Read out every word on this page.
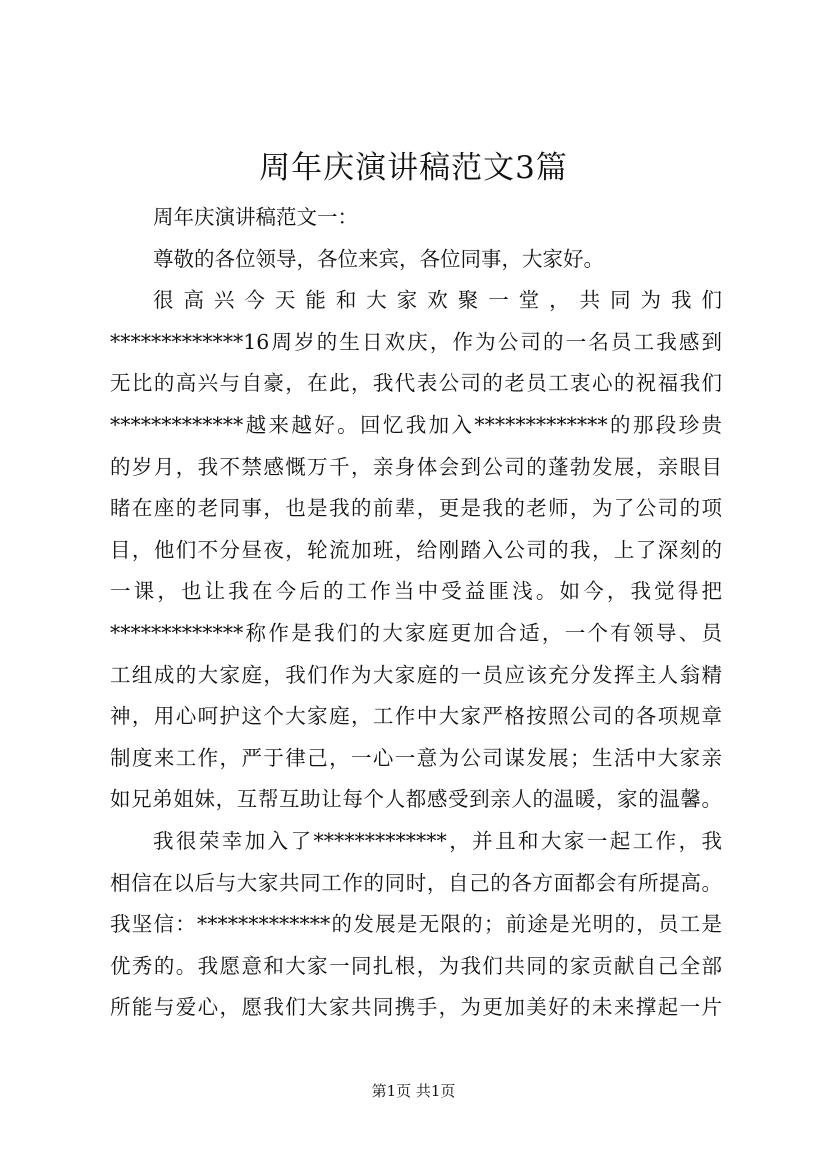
周年庆演讲稿范文3篇
周年庆演讲稿范文一：
尊敬的各位领导，各位来宾，各位同事，大家好。
很高兴今天能和大家欢聚一堂，共同为我们
*************16周岁的生日欢庆，作为公司的一名员工我感到
无比的高兴与自豪，在此，我代表公司的老员工衷心的祝福我们
*************越来越好。回忆我加入*************的那段珍贵
的岁月，我不禁感慨万千，亲身体会到公司的蓬勃发展，亲眼目
睹在座的老同事，也是我的前辈，更是我的老师，为了公司的项
目，他们不分昼夜，轮流加班，给刚踏入公司的我，上了深刻的
一课，也让我在今后的工作当中受益匪浅。如今，我觉得把
*************称作是我们的大家庭更加合适，一个有领导、员
工组成的大家庭，我们作为大家庭的一员应该充分发挥主人翁精
神，用心呵护这个大家庭，工作中大家严格按照公司的各项规章
制度来工作，严于律己，一心一意为公司谋发展；生活中大家亲
如兄弟姐妹，互帮互助让每个人都感受到亲人的温暖，家的温馨。
我很荣幸加入了*************，并且和大家一起工作，我
相信在以后与大家共同工作的同时，自己的各方面都会有所提高。
我坚信：*************的发展是无限的；前途是光明的，员工是
优秀的。我愿意和大家一同扎根，为我们共同的家贡献自己全部
所能与爱心，愿我们大家共同携手，为更加美好的未来撑起一片
第1页 共1页
